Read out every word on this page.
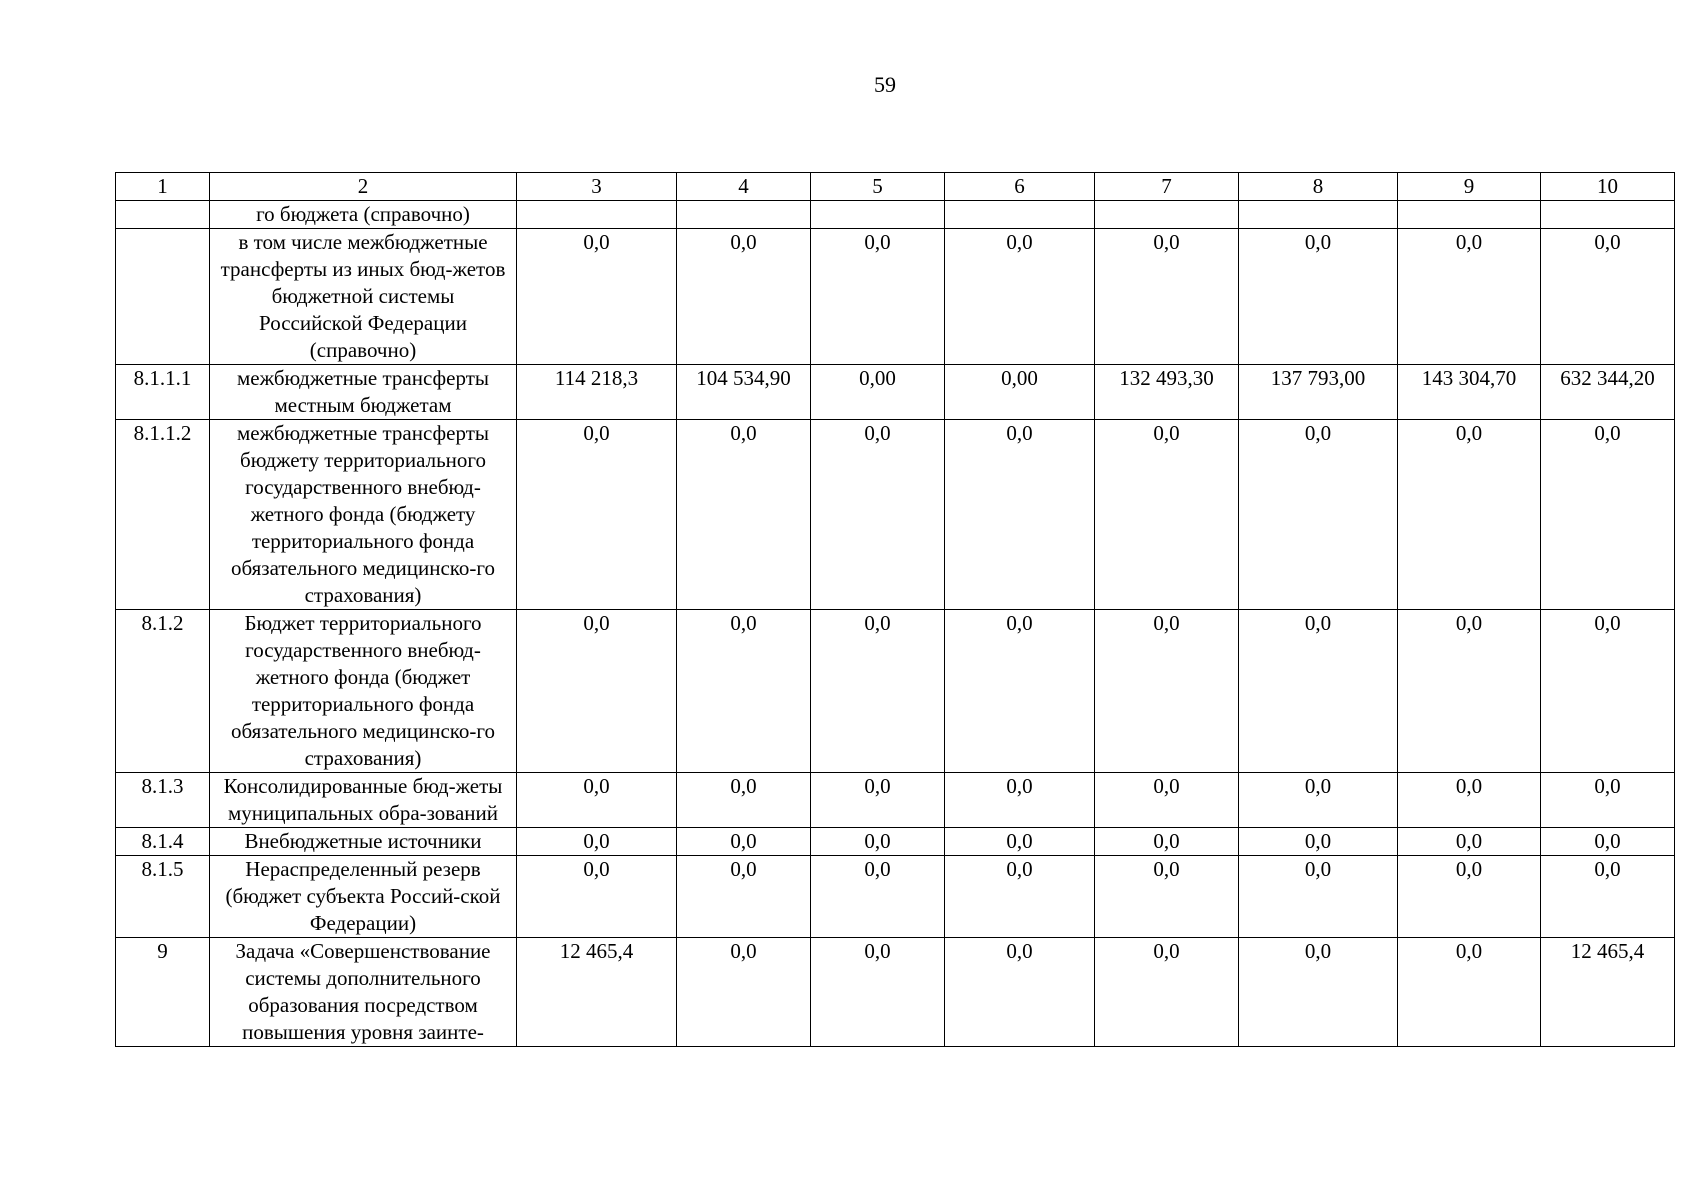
59
1	2	3	4	5	6	7	8	9	10
	го бюджета (справочно)								
	в том числе межбюджетные трансферты из иных бюд-жетов бюджетной системы Российской Федерации (справочно)	0,0	0,0	0,0	0,0	0,0	0,0	0,0	0,0
8.1.1.1	межбюджетные трансферты местным бюджетам	114 218,3	104 534,90	0,00	0,00	132 493,30	137 793,00	143 304,70	632 344,20
8.1.1.2	межбюджетные трансферты бюджету территориального государственного внебюд-жетного фонда (бюджету территориального фонда обязательного медицинско-го страхования)	0,0	0,0	0,0	0,0	0,0	0,0	0,0	0,0
8.1.2	Бюджет территориального государственного внебюд-жетного фонда (бюджет территориального фонда обязательного медицинско-го страхования)	0,0	0,0	0,0	0,0	0,0	0,0	0,0	0,0
8.1.3	Консолидированные бюд-жеты муниципальных обра-зований	0,0	0,0	0,0	0,0	0,0	0,0	0,0	0,0
8.1.4	Внебюджетные источники	0,0	0,0	0,0	0,0	0,0	0,0	0,0	0,0
8.1.5	Нераспределенный резерв (бюджет субъекта Россий-ской Федерации)	0,0	0,0	0,0	0,0	0,0	0,0	0,0	0,0
9	Задача «Совершенствование системы дополнительного образования посредством повышения уровня заинте-	12 465,4	0,0	0,0	0,0	0,0	0,0	0,0	12 465,4
